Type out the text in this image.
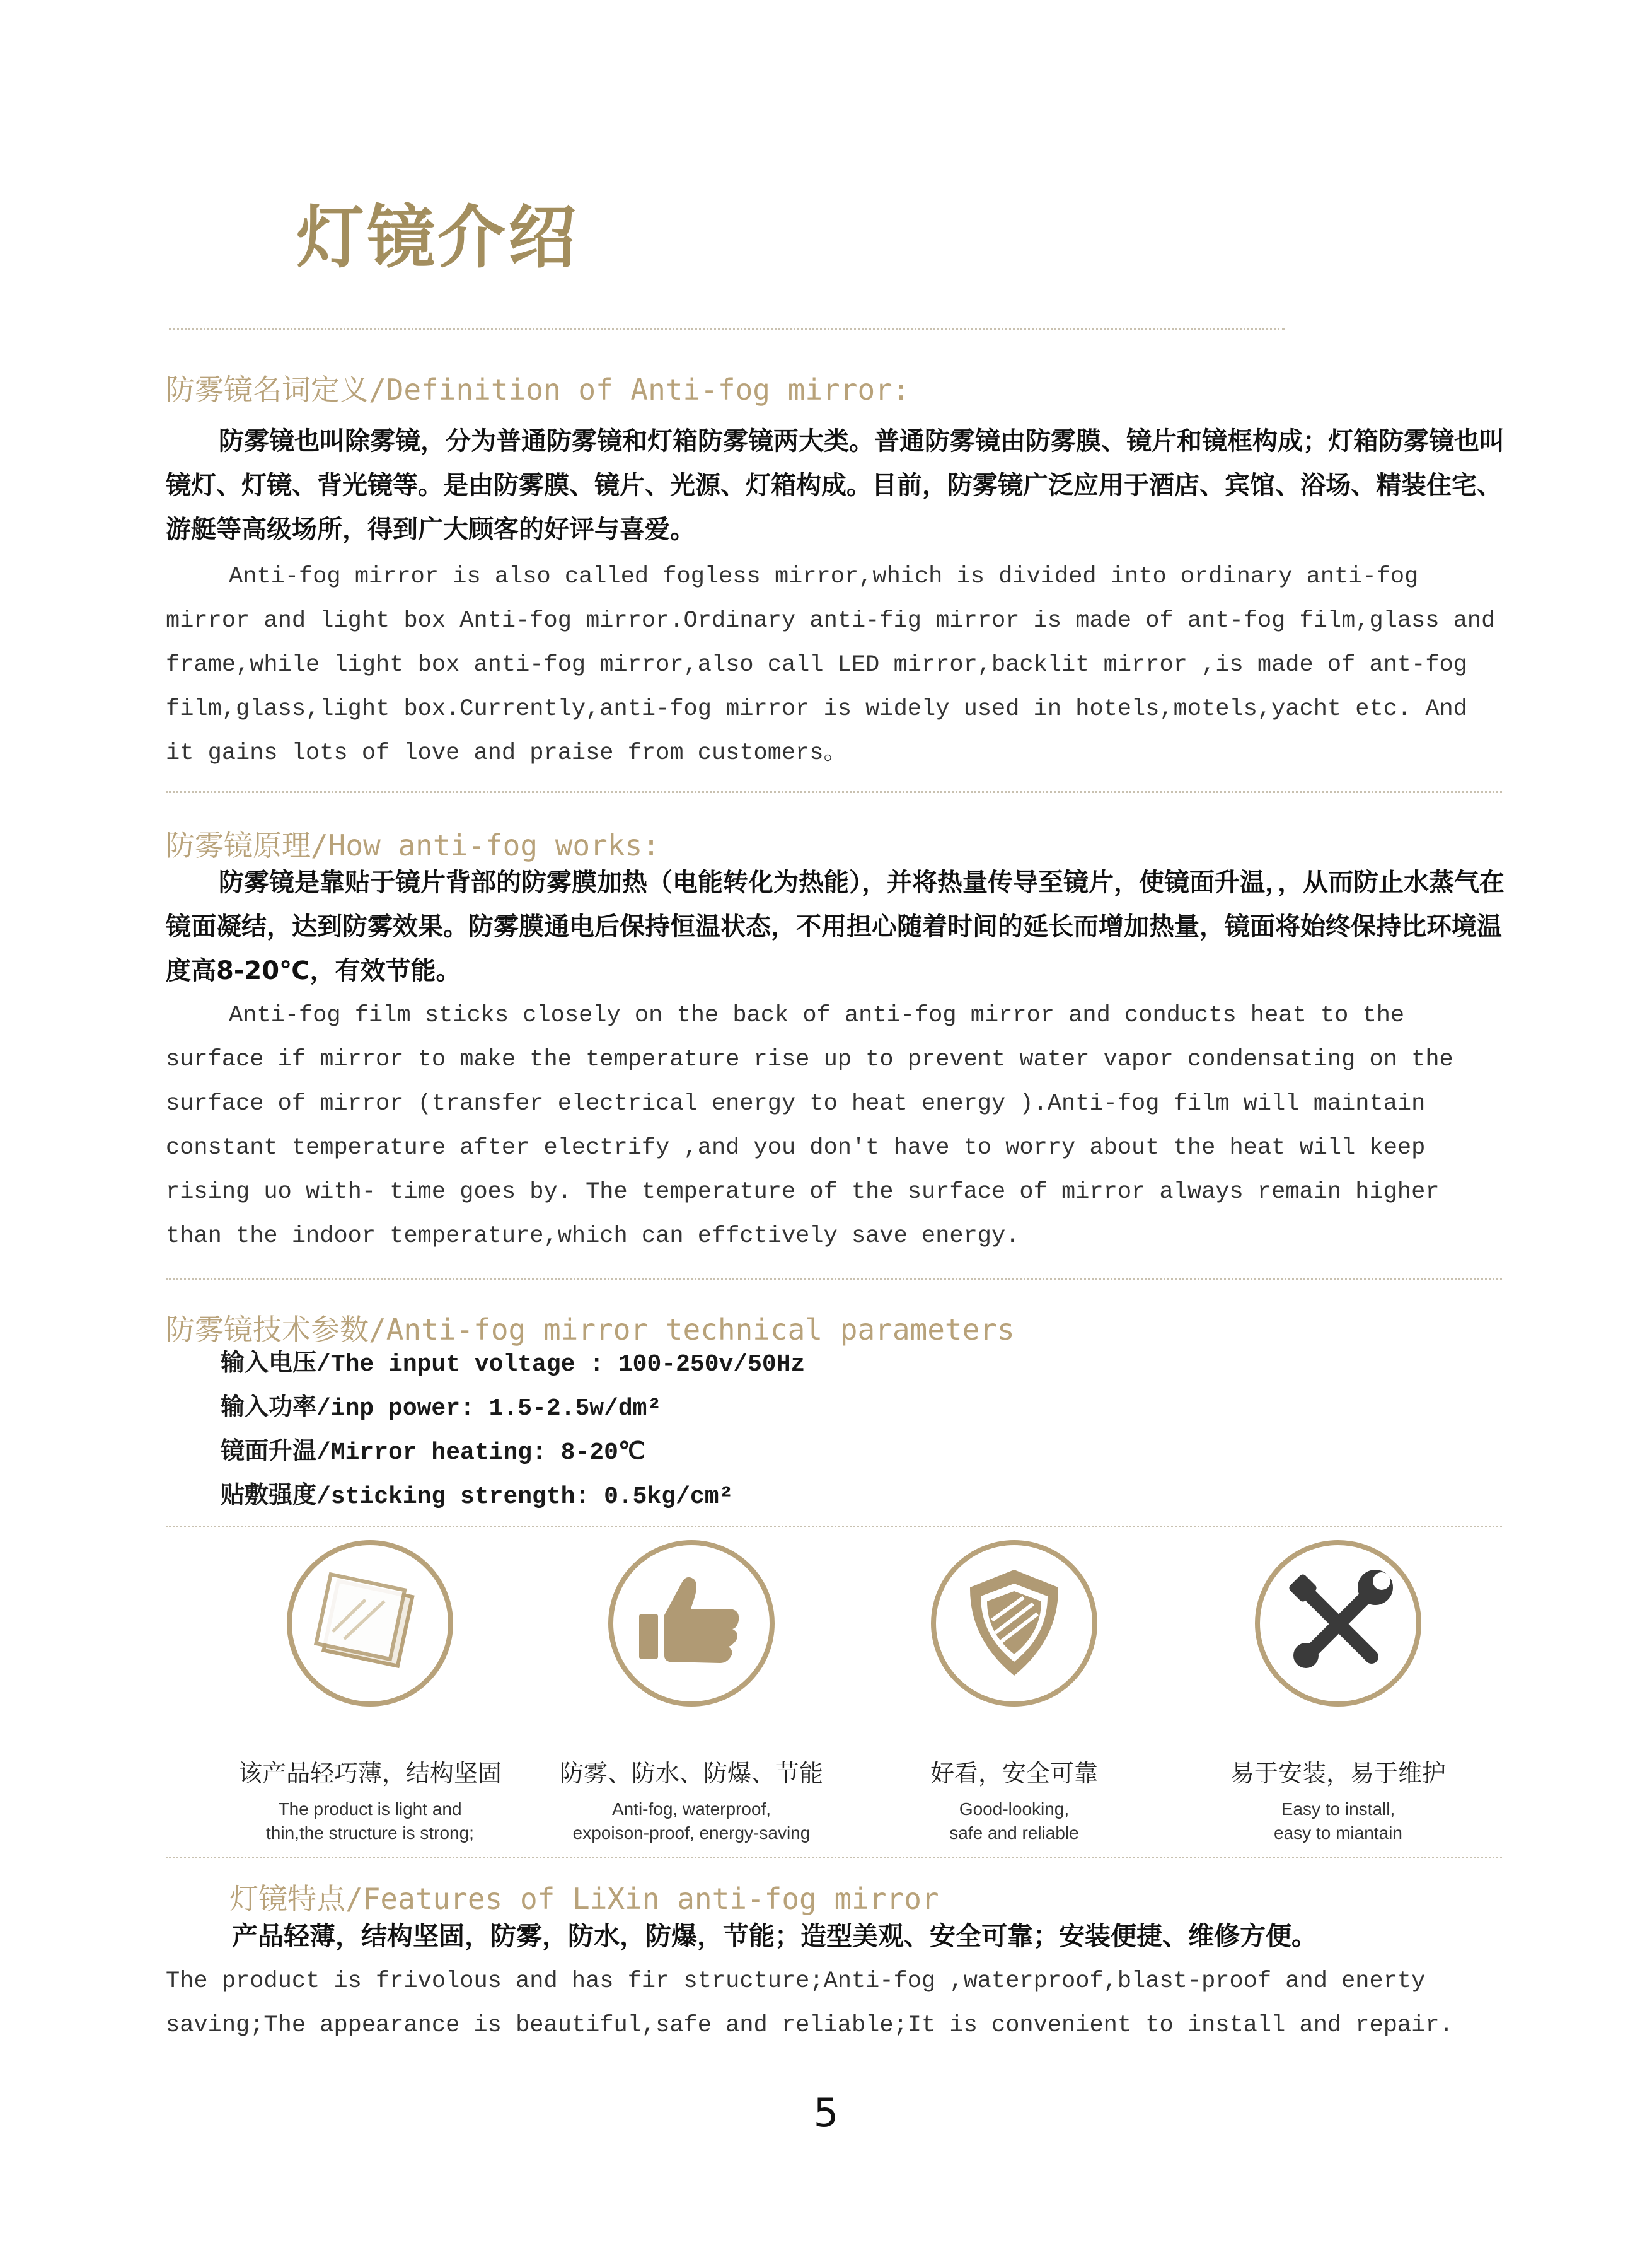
灯镜介绍
防雾镜名词定义/Definition of Anti-fog mirror:

防雾镜也叫除雾镜，分为普通防雾镜和灯箱防雾镜两大类。普通防雾镜由防雾膜、镜片和镜框构成；灯箱防雾镜也叫镜灯、灯镜、背光镜等。是由防雾膜、镜片、光源、灯箱构成。目前，防雾镜广泛应用于酒店、宾馆、浴场、精装住宅、游艇等高级场所，得到广大顾客的好评与喜爱。

Anti-fog mirror is also called fogless mirror,which is divided into ordinary anti-fog mirror and light box Anti-fog mirror.Ordinary anti-fig mirror is made of ant-fog film,glass and frame,while light box anti-fog mirror,also call LED mirror,backlit mirror ,is made of ant-fog film,glass,light box.Currently,anti-fog mirror is widely used in hotels,motels,yacht etc. And it gains lots of love and praise from customers。

防雾镜原理/How anti-fog works:

防雾镜是靠贴于镜片背部的防雾膜加热（电能转化为热能），并将热量传导至镜片，使镜面升温，，从而防止水蒸气在镜面凝结，达到防雾效果。防雾膜通电后保持恒温状态，不用担心随着时间的延长而增加热量，镜面将始终保持比环境温度高8-20℃，有效节能。

Anti-fog film sticks closely on the back of anti-fog mirror and conducts heat to the surface if mirror to make the temperature rise up to prevent water vapor condensating on the surface of mirror (transfer electrical energy to heat energy ).Anti-fog film will maintain constant temperature after electrify ,and you don't have to worry about the heat will keep rising uo with- time goes by. The temperature of the surface of mirror always remain higher than the indoor temperature,which can effctively save energy.

防雾镜技术参数/Anti-fog mirror technical parameters
输入电压/The input voltage : 100-250v/50Hz
输入功率/inp power: 1.5-2.5w/dm²
镜面升温/Mirror heating: 8-20℃
贴敷强度/sticking strength: 0.5kg/cm²
该产品轻巧薄，结构坚固
The product is light and
thin,the structure is strong;
防雾、防水、防爆、节能
Anti-fog, waterproof,
expoison-proof, energy-saving
好看，安全可靠
Good-looking,
safe and reliable
易于安装，易于维护
Easy to install,
easy to miantain
灯镜特点/Features of LiXin anti-fog mirror

产品轻薄，结构坚固，防雾，防水，防爆，节能；造型美观、安全可靠；安装便捷、维修方便。

The product is frivolous and has fir structure;Anti-fog ,waterproof,blast-proof and enerty saving;The appearance is beautiful,safe and reliable;It is convenient to install and repair.

5
